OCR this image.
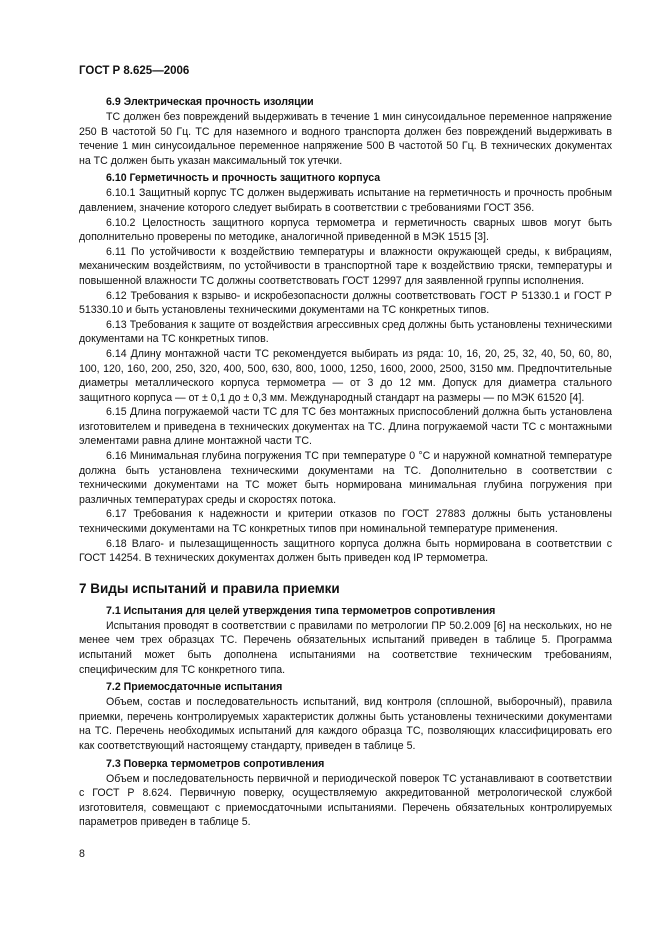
ГОСТ Р 8.625—2006

6.9 Электрическая прочность изоляции

ТС должен без повреждений выдерживать в течение 1 мин синусоидальное переменное напряжение 250 В частотой 50 Гц. ТС для наземного и водного транспорта должен без повреждений выдерживать в течение 1 мин синусоидальное переменное напряжение 500 В частотой 50 Гц. В технических документах на ТС должен быть указан максимальный ток утечки.

6.10 Герметичность и прочность защитного корпуса

6.10.1 Защитный корпус ТС должен выдерживать испытание на герметичность и прочность пробным давлением, значение которого следует выбирать в соответствии с требованиями ГОСТ 356.

6.10.2 Целостность защитного корпуса термометра и герметичность сварных швов могут быть дополнительно проверены по методике, аналогичной приведенной в МЭК 1515 [3].

6.11 По устойчивости к воздействию температуры и влажности окружающей среды, к вибрациям, механическим воздействиям, по устойчивости в транспортной таре к воздействию тряски, температуры и повышенной влажности ТС должны соответствовать ГОСТ 12997 для заявленной группы исполнения.

6.12 Требования к взрыво- и искробезопасности должны соответствовать ГОСТ Р 51330.1 и ГОСТ Р 51330.10 и быть установлены техническими документами на ТС конкретных типов.

6.13 Требования к защите от воздействия агрессивных сред должны быть установлены техническими документами на ТС конкретных типов.

6.14 Длину монтажной части ТС рекомендуется выбирать из ряда: 10, 16, 20, 25, 32, 40, 50, 60, 80, 100, 120, 160, 200, 250, 320, 400, 500, 630, 800, 1000, 1250, 1600, 2000, 2500, 3150 мм. Предпочтительные диаметры металлического корпуса термометра — от 3 до 12 мм. Допуск для диаметра стального защитного корпуса — от ± 0,1 до ± 0,3 мм. Международный стандарт на размеры — по МЭК 61520 [4].

6.15 Длина погружаемой части ТС для ТС без монтажных приспособлений должна быть установлена изготовителем и приведена в технических документах на ТС. Длина погружаемой части ТС с монтажными элементами равна длине монтажной части ТС.

6.16 Минимальная глубина погружения ТС при температуре 0 °С и наружной комнатной температуре должна быть установлена техническими документами на ТС. Дополнительно в соответствии с техническими документами на ТС может быть нормирована минимальная глубина погружения при различных температурах среды и скоростях потока.

6.17 Требования к надежности и критерии отказов по ГОСТ 27883 должны быть установлены техническими документами на ТС конкретных типов при номинальной температуре применения.

6.18 Влаго- и пылезащищенность защитного корпуса должна быть нормирована в соответствии с ГОСТ 14254. В технических документах должен быть приведен код IP термометра.

7 Виды испытаний и правила приемки

7.1 Испытания для целей утверждения типа термометров сопротивления

Испытания проводят в соответствии с правилами по метрологии ПР 50.2.009 [6] на нескольких, но не менее чем трех образцах ТС. Перечень обязательных испытаний приведен в таблице 5. Программа испытаний может быть дополнена испытаниями на соответствие техническим требованиям, специфическим для ТС конкретного типа.

7.2 Приемосдаточные испытания

Объем, состав и последовательность испытаний, вид контроля (сплошной, выборочный), правила приемки, перечень контролируемых характеристик должны быть установлены техническими документами на ТС. Перечень необходимых испытаний для каждого образца ТС, позволяющих классифицировать его как соответствующий настоящему стандарту, приведен в таблице 5.

7.3 Поверка термометров сопротивления

Объем и последовательность первичной и периодической поверок ТС устанавливают в соответствии с ГОСТ Р 8.624. Первичную поверку, осуществляемую аккредитованной метрологической службой изготовителя, совмещают с приемосдаточными испытаниями. Перечень обязательных контролируемых параметров приведен в таблице 5.

8
